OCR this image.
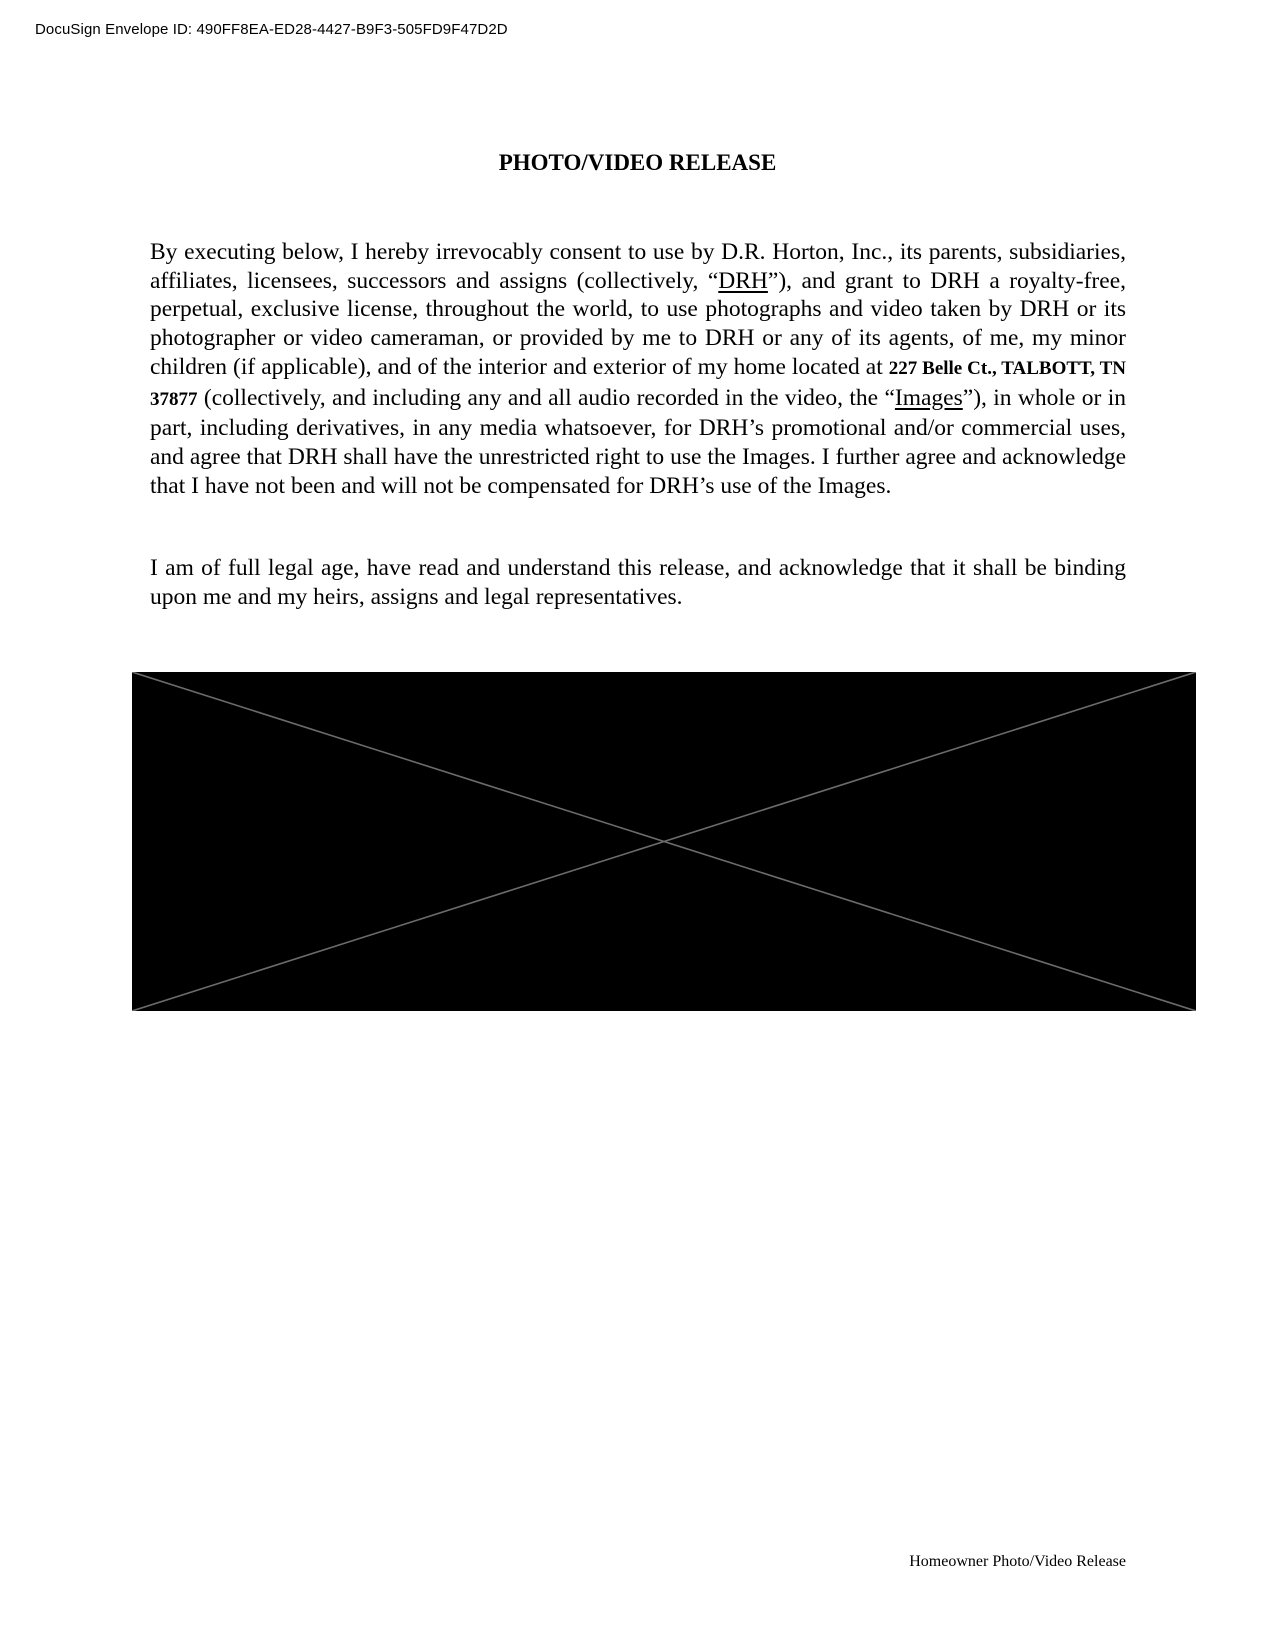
DocuSign Envelope ID: 490FF8EA-ED28-4427-B9F3-505FD9F47D2D
PHOTO/VIDEO RELEASE

By executing below, I hereby irrevocably consent to use by D.R. Horton, Inc., its parents, subsidiaries, affiliates, licensees, successors and assigns (collectively, “DRH”), and grant to DRH a royalty-free, perpetual, exclusive license, throughout the world, to use photographs and video taken by DRH or its photographer or video cameraman, or provided by me to DRH or any of its agents, of me, my minor children (if applicable), and of the interior and exterior of my home located at 227 Belle Ct., TALBOTT, TN 37877 (collectively, and including any and all audio recorded in the video, the “Images”), in whole or in part, including derivatives, in any media whatsoever, for DRH’s promotional and/or commercial uses, and agree that DRH shall have the unrestricted right to use the Images. I further agree and acknowledge that I have not been and will not be compensated for DRH’s use of the Images.

I am of full legal age, have read and understand this release, and acknowledge that it shall be binding upon me and my heirs, assigns and legal representatives.

Homeowner Photo/Video Release
